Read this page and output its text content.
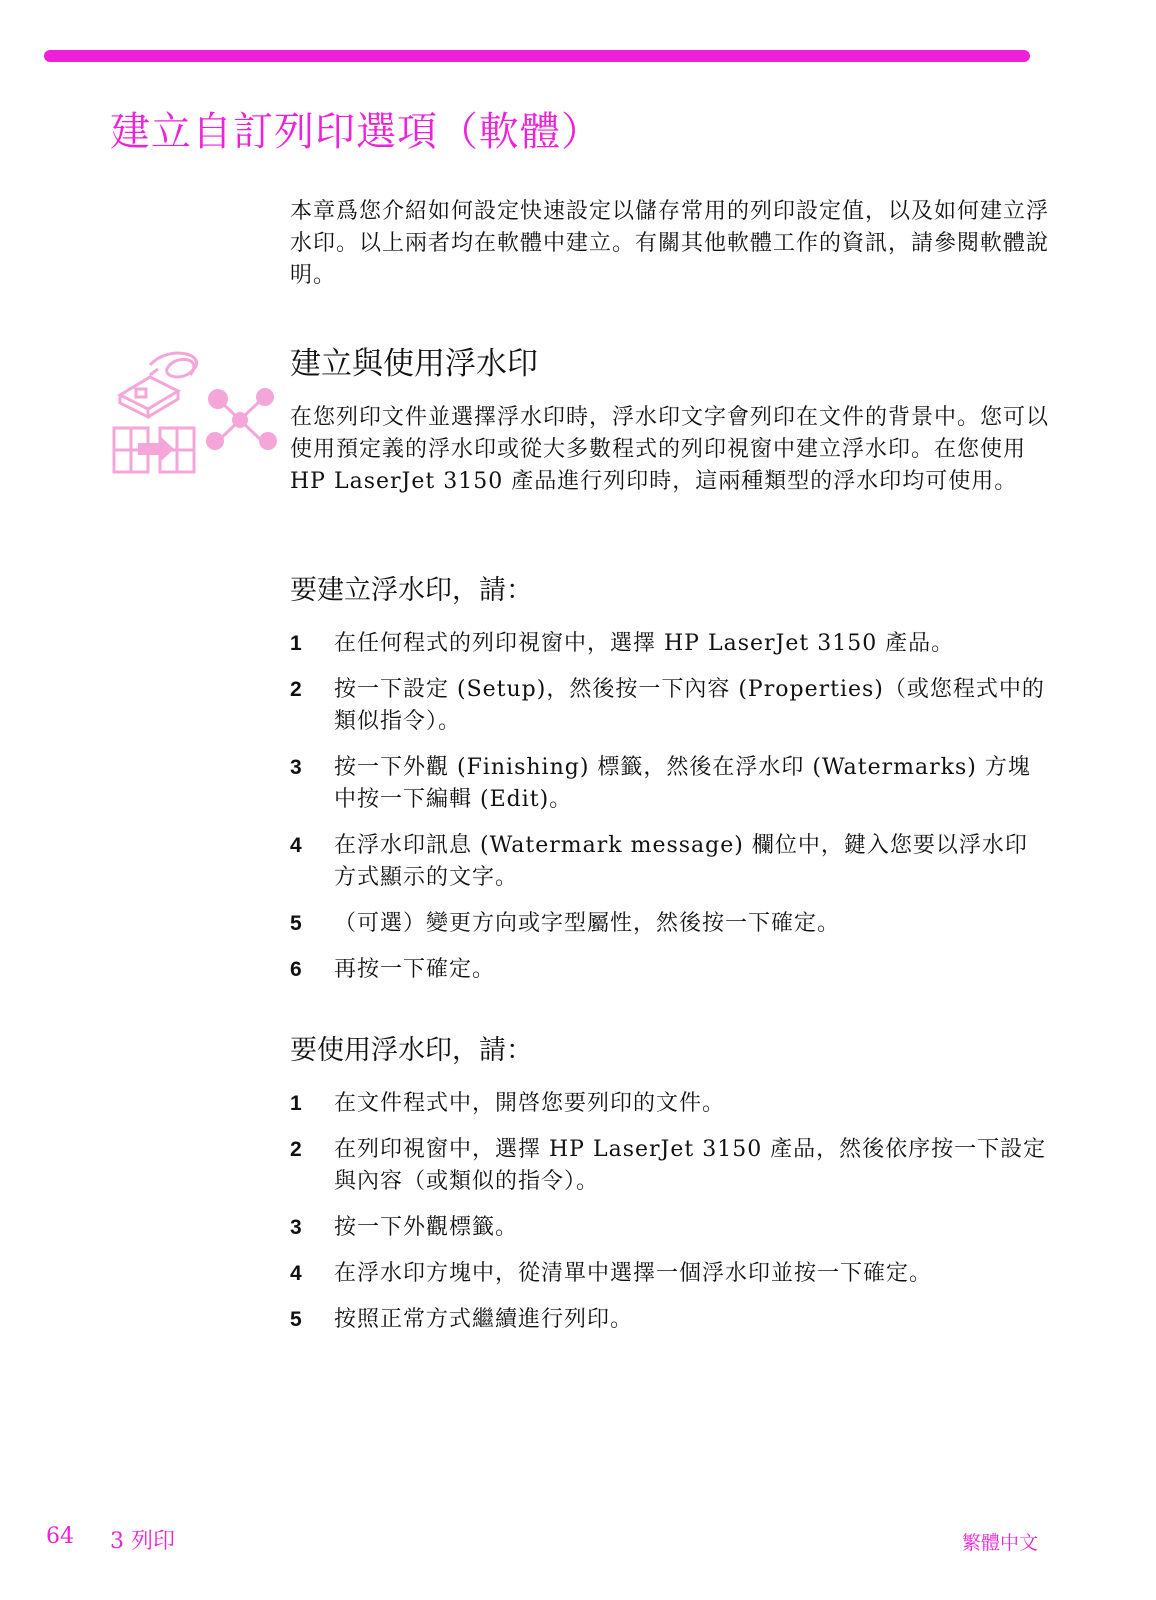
建立自訂列印選項（軟體）

本章爲您介紹如何設定快速設定以儲存常用的列印設定值，以及如何建立浮水印。以上兩者均在軟體中建立。有關其他軟體工作的資訊，請參閱軟體說明。

建立與使用浮水印

在您列印文件並選擇浮水印時，浮水印文字會列印在文件的背景中。您可以使用預定義的浮水印或從大多數程式的列印視窗中建立浮水印。在您使用 HP LaserJet 3150 產品進行列印時，這兩種類型的浮水印均可使用。

要建立浮水印，請：
1 在任何程式的列印視窗中，選擇 HP LaserJet 3150 產品。
2 按一下設定 (Setup)，然後按一下內容 (Properties)（或您程式中的類似指令）。
3 按一下外觀 (Finishing) 標籤，然後在浮水印 (Watermarks) 方塊中按一下編輯 (Edit)。
4 在浮水印訊息 (Watermark message) 欄位中，鍵入您要以浮水印方式顯示的文字。
5 （可選）變更方向或字型屬性，然後按一下確定。
6 再按一下確定。
要使用浮水印，請：
1 在文件程式中，開啓您要列印的文件。
2 在列印視窗中，選擇 HP LaserJet 3150 產品，然後依序按一下設定與內容（或類似的指令）。
3 按一下外觀標籤。
4 在浮水印方塊中，從清單中選擇一個浮水印並按一下確定。
5 按照正常方式繼續進行列印。
64 3 列印	繁體中文
